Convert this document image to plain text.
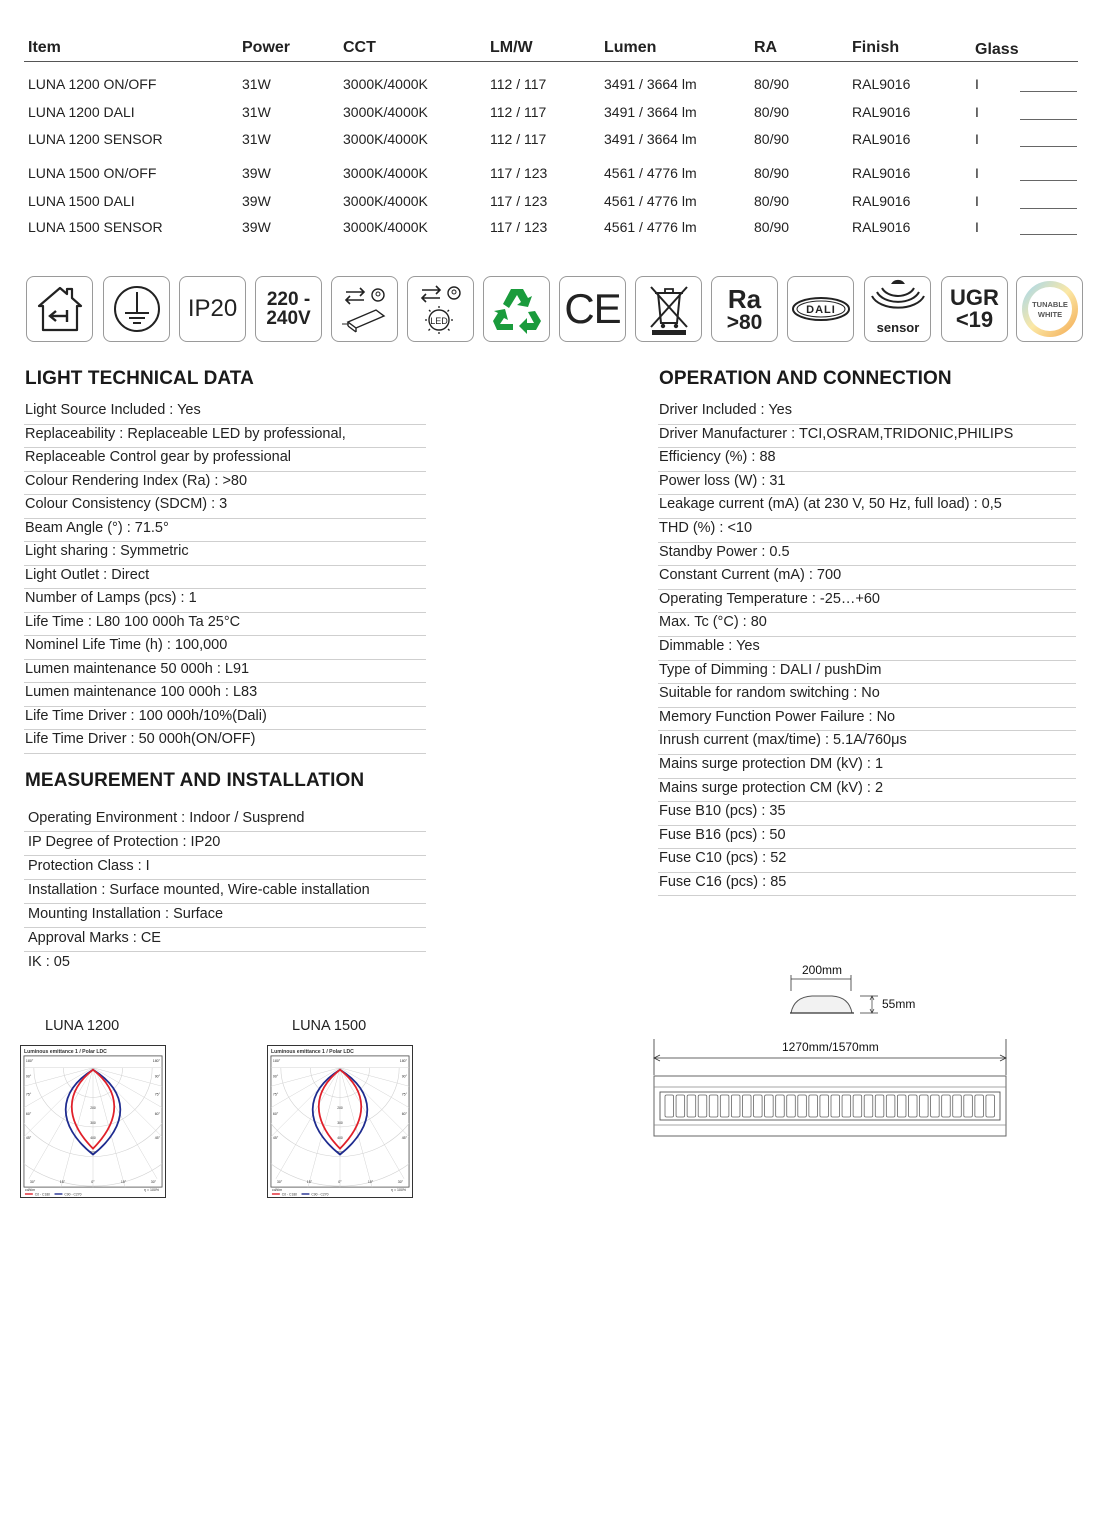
Item	Power	CCT	LM/W	Lumen	RA	Finish	Glass
LUNA 1200 ON/OFF	31W	3000K/4000K	112 / 117	3491 / 3664 lm	80/90	RAL9016	I
LUNA 1200 DALI	31W	3000K/4000K	112 / 117	3491 / 3664 lm	80/90	RAL9016	I
LUNA 1200 SENSOR	31W	3000K/4000K	112 / 117	3491 / 3664 lm	80/90	RAL9016	I
LUNA 1500 ON/OFF	39W	3000K/4000K	117 / 123	4561 / 4776 lm	80/90	RAL9016	I
LUNA 1500 DALI	39W	3000K/4000K	117 / 123	4561 / 4776 lm	80/90	RAL9016	I
LUNA 1500 SENSOR	39W	3000K/4000K	117 / 123	4561 / 4776 lm	80/90	RAL9016	I
IP20 220 -
240V	LED	CE	Ra
>80
DALI
sensor
UGR
<19
TUNABLE
WHITE
LIGHT TECHNICAL DATA
Light Source Included : Yes
Replaceability : Replaceable LED by professional,
Replaceable Control gear by professional
Colour Rendering Index (Ra) : >80
Colour Consistency (SDCM) : 3
Beam Angle (°) : 71.5°
Light sharing : Symmetric
Light Outlet : Direct
Number of Lamps (pcs) : 1
Life Time : L80 100 000h Ta 25°C
Nominel Life Time (h) : 100,000
Lumen maintenance 50 000h : L91
Lumen maintenance 100 000h : L83
Life Time Driver : 100 000h/10%(Dali)
Life Time Driver : 50 000h(ON/OFF)
MEASUREMENT AND INSTALLATION
Operating Environment : Indoor / Susprend
IP Degree of Protection : IP20
Protection Class : I
Installation : Surface mounted, Wire-cable installation
Mounting Installation : Surface
Approval Marks : CE
IK : 05
OPERATION AND CONNECTION
Driver Included : Yes
Driver Manufacturer : TCI,OSRAM,TRIDONIC,PHILIPS
Efficiency (%) : 88
Power loss (W) : 31
Leakage current (mA) (at 230 V, 50 Hz, full load) : 0,5
THD (%) : <10
Standby Power : 0.5
Constant Current (mA) : 700
Operating Temperature : -25…+60
Max. Tc (°C) : 80
Dimmable : Yes
Type of Dimming : DALI / pushDim
Suitable for random switching : No
Memory Function Power Failure : No
Inrush current (max/time) : 5.1A/760μs
Mains surge protection DM (kV) : 1
Mains surge protection CM (kV) : 2
Fuse B10 (pcs) : 35
Fuse B16 (pcs) : 50
Fuse C10 (pcs) : 52
Fuse C16 (pcs) : 85
LUNA 1200	LUNA 1500
Luminous emittance 1 / Polar LDC
180°	180°
90°	90°
75°	75°
60°	60°
45°	45°
30°	30°
15°	15°
0°
200
300
400
500
cd/klm
C0 - C180	C90 - C270
η = 100%
Luminous emittance 1 / Polar LDC
180°	180°
90°	90°
75°	75°
60°	60°
45°	45°
30°	30°
15°	15°
0°
200
300
400
500
cd/klm
C0 - C180	C90 - C270
η = 100%
200mm
55mm
1270mm/1570mm
